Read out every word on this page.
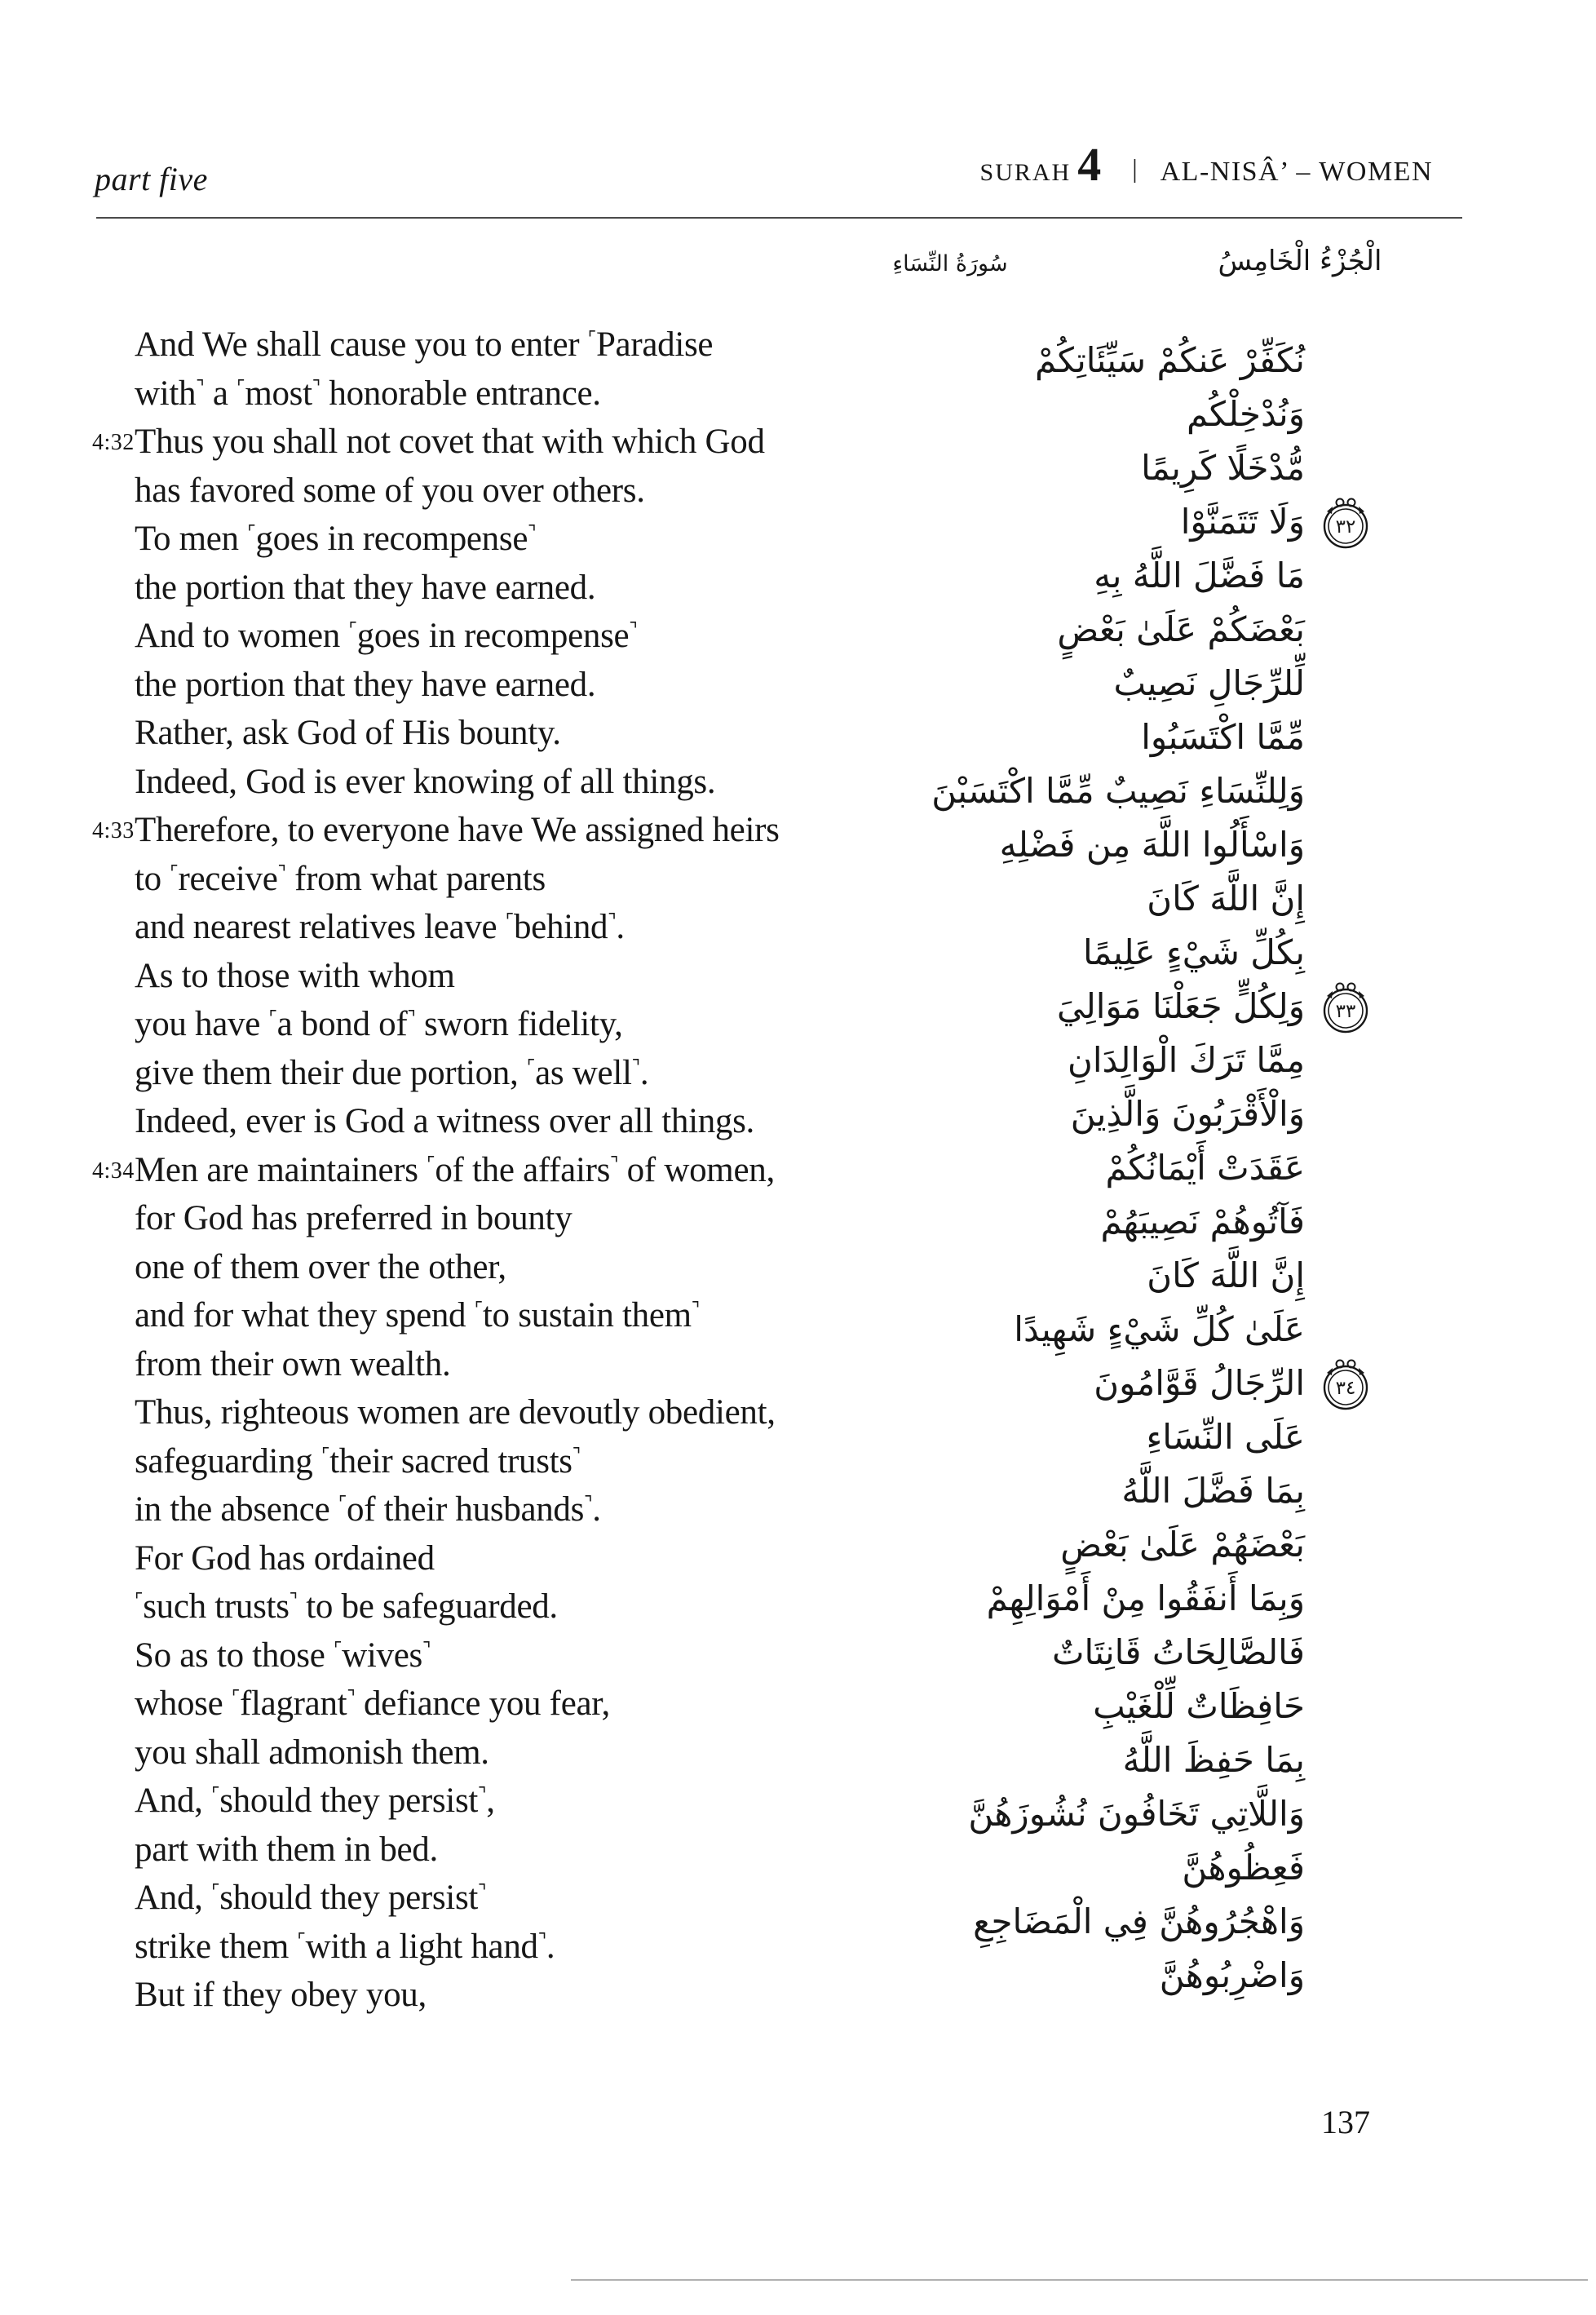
part five	SURAH 4 | AL-NISÂ’ – WOMEN
الْجُزْءُ الْخَامِسُ
سُورَةُ النِّسَاءِ
And We shall cause you to enter ⌜Paradise
with⌝ a ⌜most⌝ honorable entrance.
4:32 Thus you shall not covet that with which God
has favored some of you over others.
To men ⌜goes in recompense⌝
the portion that they have earned.
And to women ⌜goes in recompense⌝
the portion that they have earned.
Rather, ask God of His bounty.
Indeed, God is ever knowing of all things.
4:33 Therefore, to everyone have We assigned heirs
to ⌜receive⌝ from what parents
and nearest relatives leave ⌜behind⌝.
As to those with whom
you have ⌜a bond of⌝ sworn fidelity,
give them their due portion, ⌜as well⌝.
Indeed, ever is God a witness over all things.
4:34 Men are maintainers ⌜of the affairs⌝ of women,
for God has preferred in bounty
one of them over the other,
and for what they spend ⌜to sustain them⌝
from their own wealth.
Thus, righteous women are devoutly obedient,
safeguarding ⌜their sacred trusts⌝
in the absence ⌜of their husbands⌝.
For God has ordained
⌜such trusts⌝ to be safeguarded.
So as to those ⌜wives⌝
whose ⌜flagrant⌝ defiance you fear,
you shall admonish them.
And, ⌜should they persist⌝,
part with them in bed.
And, ⌜should they persist⌝
strike them ⌜with a light hand⌝.
But if they obey you,
نُكَفِّرْ عَنكُمْ سَيِّئَاتِكُمْ
وَنُدْخِلْكُم
مُّدْخَلًا كَرِيمًا
٣٢
وَلَا تَتَمَنَّوْا
مَا فَضَّلَ اللَّهُ بِهِ
بَعْضَكُمْ عَلَىٰ بَعْضٍ
لِّلرِّجَالِ نَصِيبٌ
مِّمَّا اكْتَسَبُوا
وَلِلنِّسَاءِ نَصِيبٌ مِّمَّا اكْتَسَبْنَ
وَاسْأَلُوا اللَّهَ مِن فَضْلِهِ
إِنَّ اللَّهَ كَانَ
بِكُلِّ شَيْءٍ عَلِيمًا
٣٣
وَلِكُلٍّ جَعَلْنَا مَوَالِيَ
مِمَّا تَرَكَ الْوَالِدَانِ
وَالْأَقْرَبُونَ وَالَّذِينَ
عَقَدَتْ أَيْمَانُكُمْ
فَآتُوهُمْ نَصِيبَهُمْ
إِنَّ اللَّهَ كَانَ
عَلَىٰ كُلِّ شَيْءٍ شَهِيدًا
٣٤
الرِّجَالُ قَوَّامُونَ
عَلَى النِّسَاءِ
بِمَا فَضَّلَ اللَّهُ
بَعْضَهُمْ عَلَىٰ بَعْضٍ
وَبِمَا أَنفَقُوا مِنْ أَمْوَالِهِمْ
فَالصَّالِحَاتُ قَانِتَاتٌ
حَافِظَاتٌ لِّلْغَيْبِ
بِمَا حَفِظَ اللَّهُ
وَاللَّاتِي تَخَافُونَ نُشُوزَهُنَّ
فَعِظُوهُنَّ
وَاهْجُرُوهُنَّ فِي الْمَضَاجِعِ
وَاضْرِبُوهُنَّ
137
